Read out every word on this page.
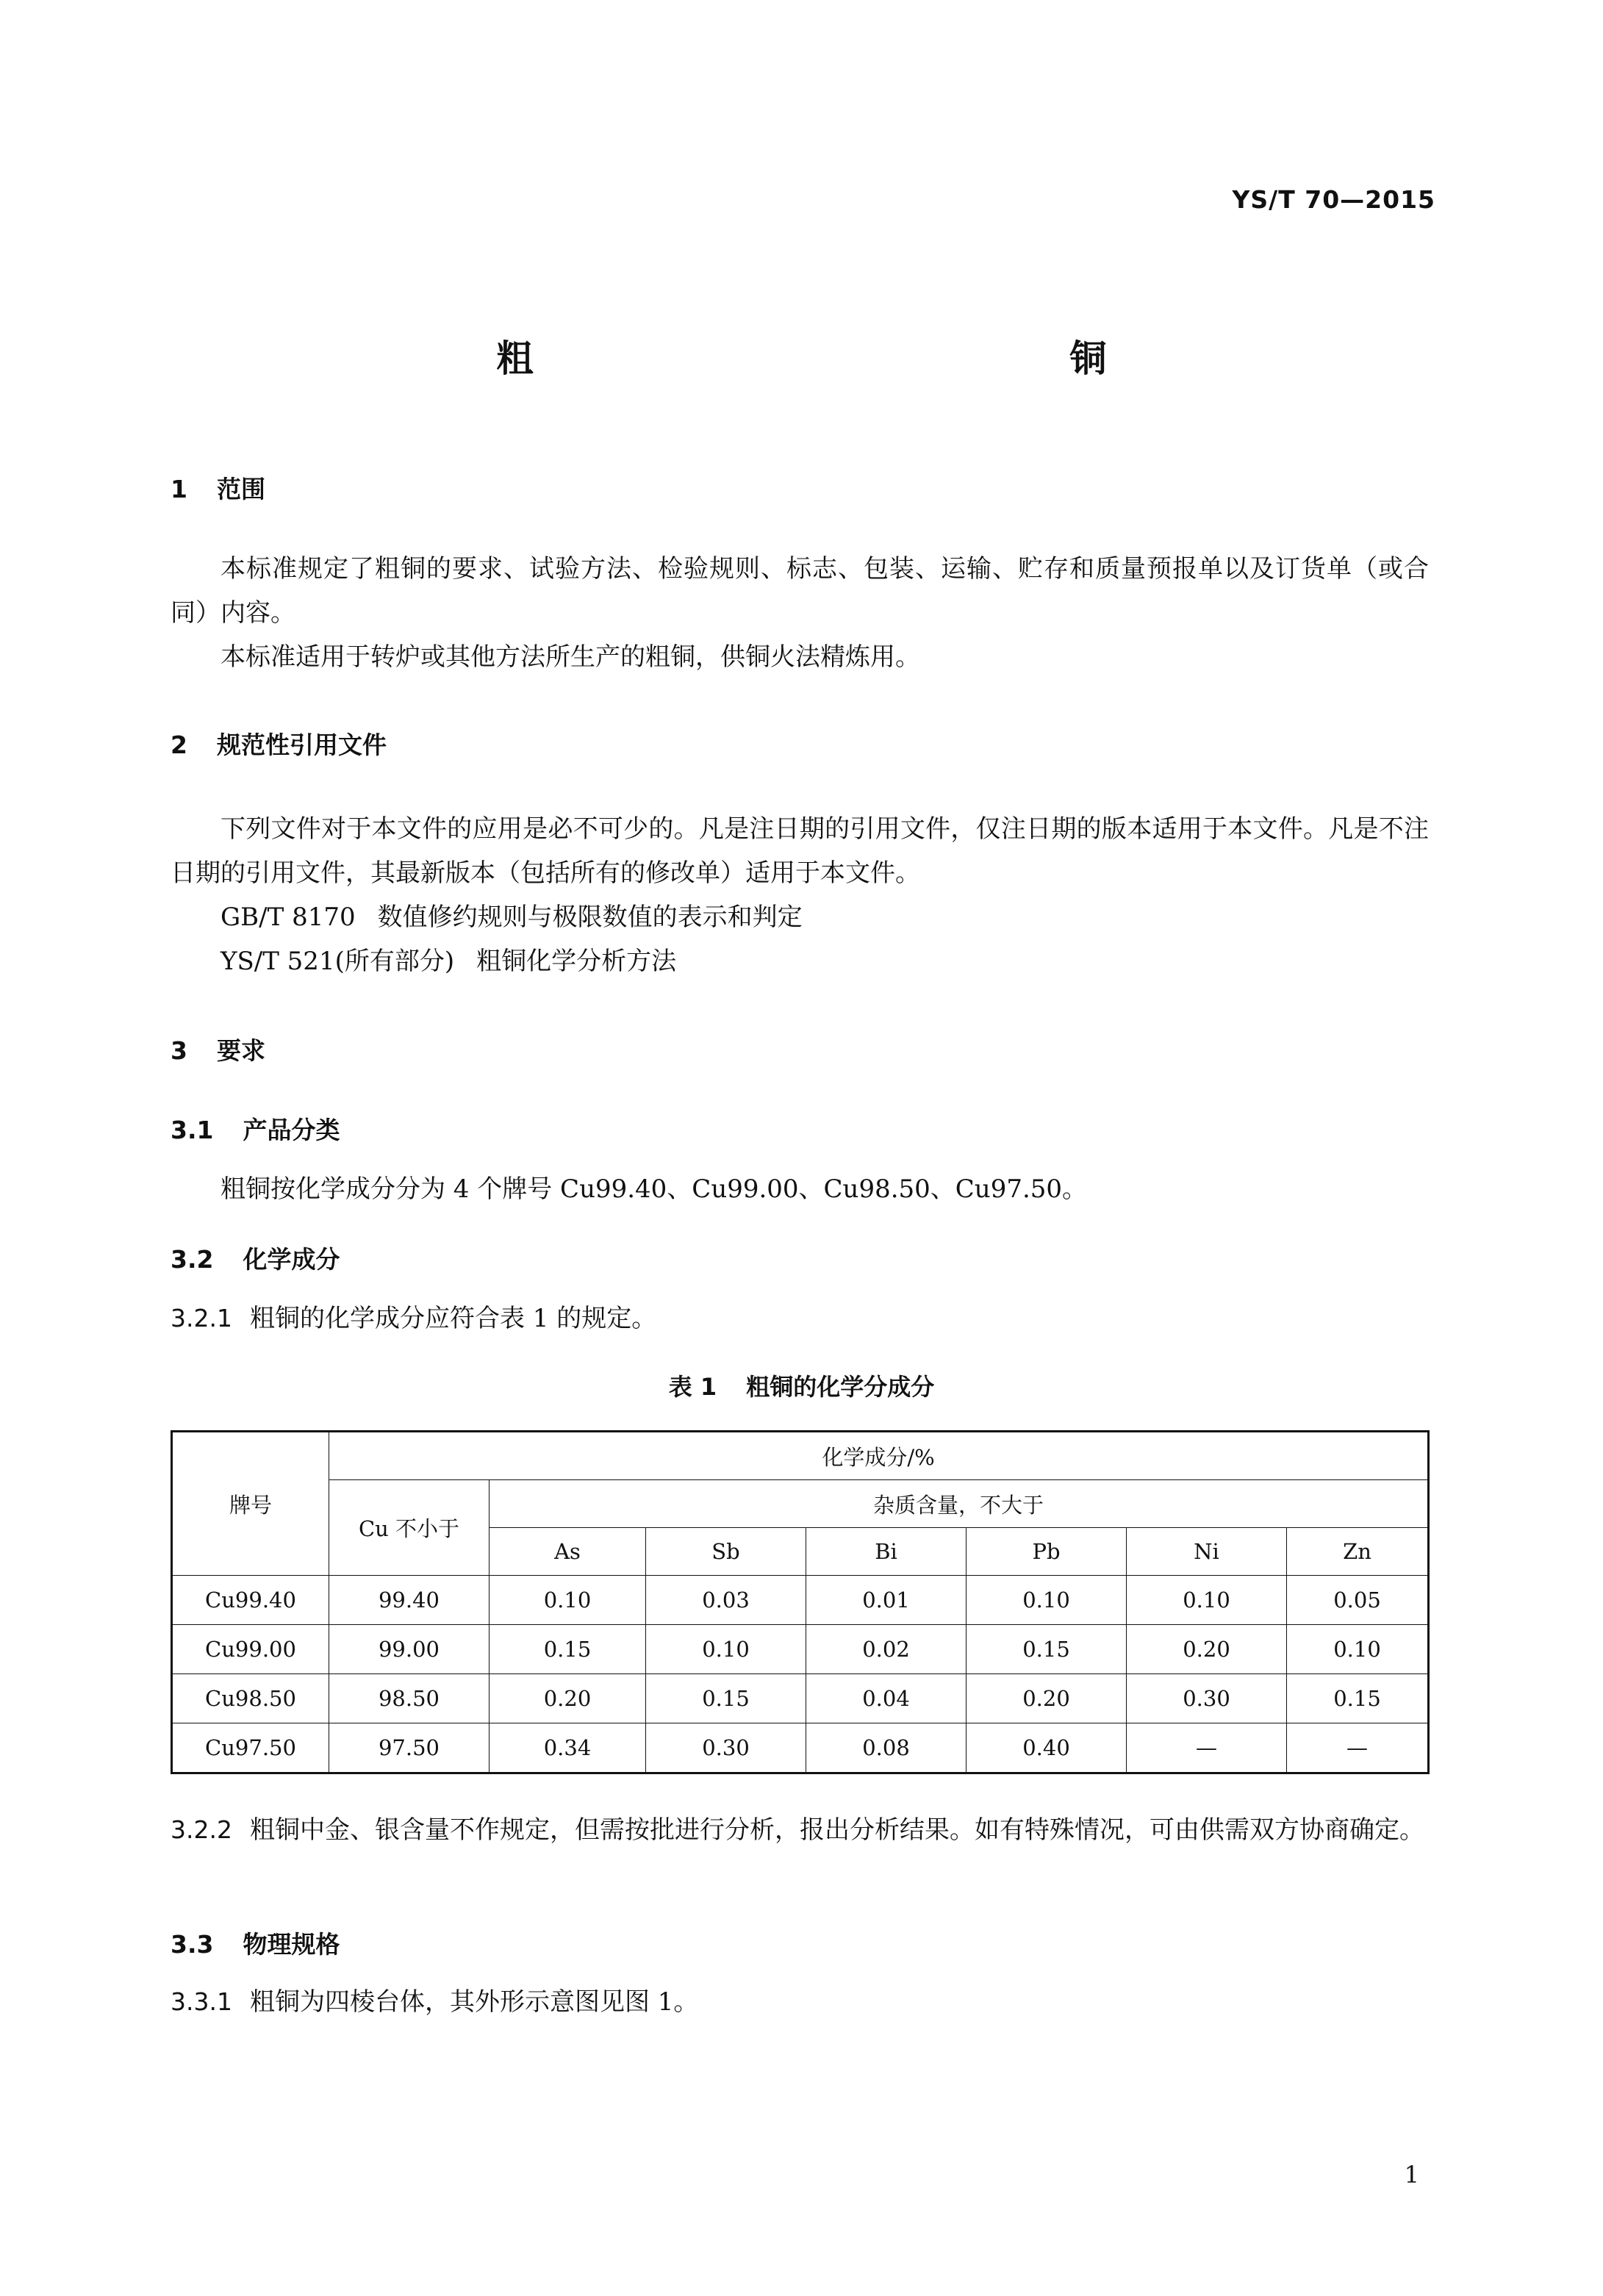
YS/T 70—2015
粗　　铜
1 范围
本标准规定了粗铜的要求、试验方法、检验规则、标志、包装、运输、贮存和质量预报单以及订货单（或合同）内容。
本标准适用于转炉或其他方法所生产的粗铜，供铜火法精炼用。
2 规范性引用文件
下列文件对于本文件的应用是必不可少的。凡是注日期的引用文件，仅注日期的版本适用于本文件。凡是不注日期的引用文件，其最新版本（包括所有的修改单）适用于本文件。
GB/T 8170 数值修约规则与极限数值的表示和判定
YS/T 521(所有部分) 粗铜化学分析方法
3 要求
3.1 产品分类
粗铜按化学成分分为 4 个牌号 Cu99.40、Cu99.00、Cu98.50、Cu97.50。
3.2 化学成分
3.2.1 粗铜的化学成分应符合表 1 的规定。
表 1 粗铜的化学分成分
牌号	化学成分/%						
	Cu 不小于	杂质含量，不大于					
		As	Sb	Bi	Pb	Ni	Zn
Cu99.40	99.40	0.10	0.03	0.01	0.10	0.10	0.05
Cu99.00	99.00	0.15	0.10	0.02	0.15	0.20	0.10
Cu98.50	98.50	0.20	0.15	0.04	0.20	0.30	0.15
Cu97.50	97.50	0.34	0.30	0.08	0.40	—	—
3.2.2 粗铜中金、银含量不作规定，但需按批进行分析，报出分析结果。如有特殊情况，可由供需双方协商确定。
3.3 物理规格
3.3.1 粗铜为四棱台体，其外形示意图见图 1。
1
